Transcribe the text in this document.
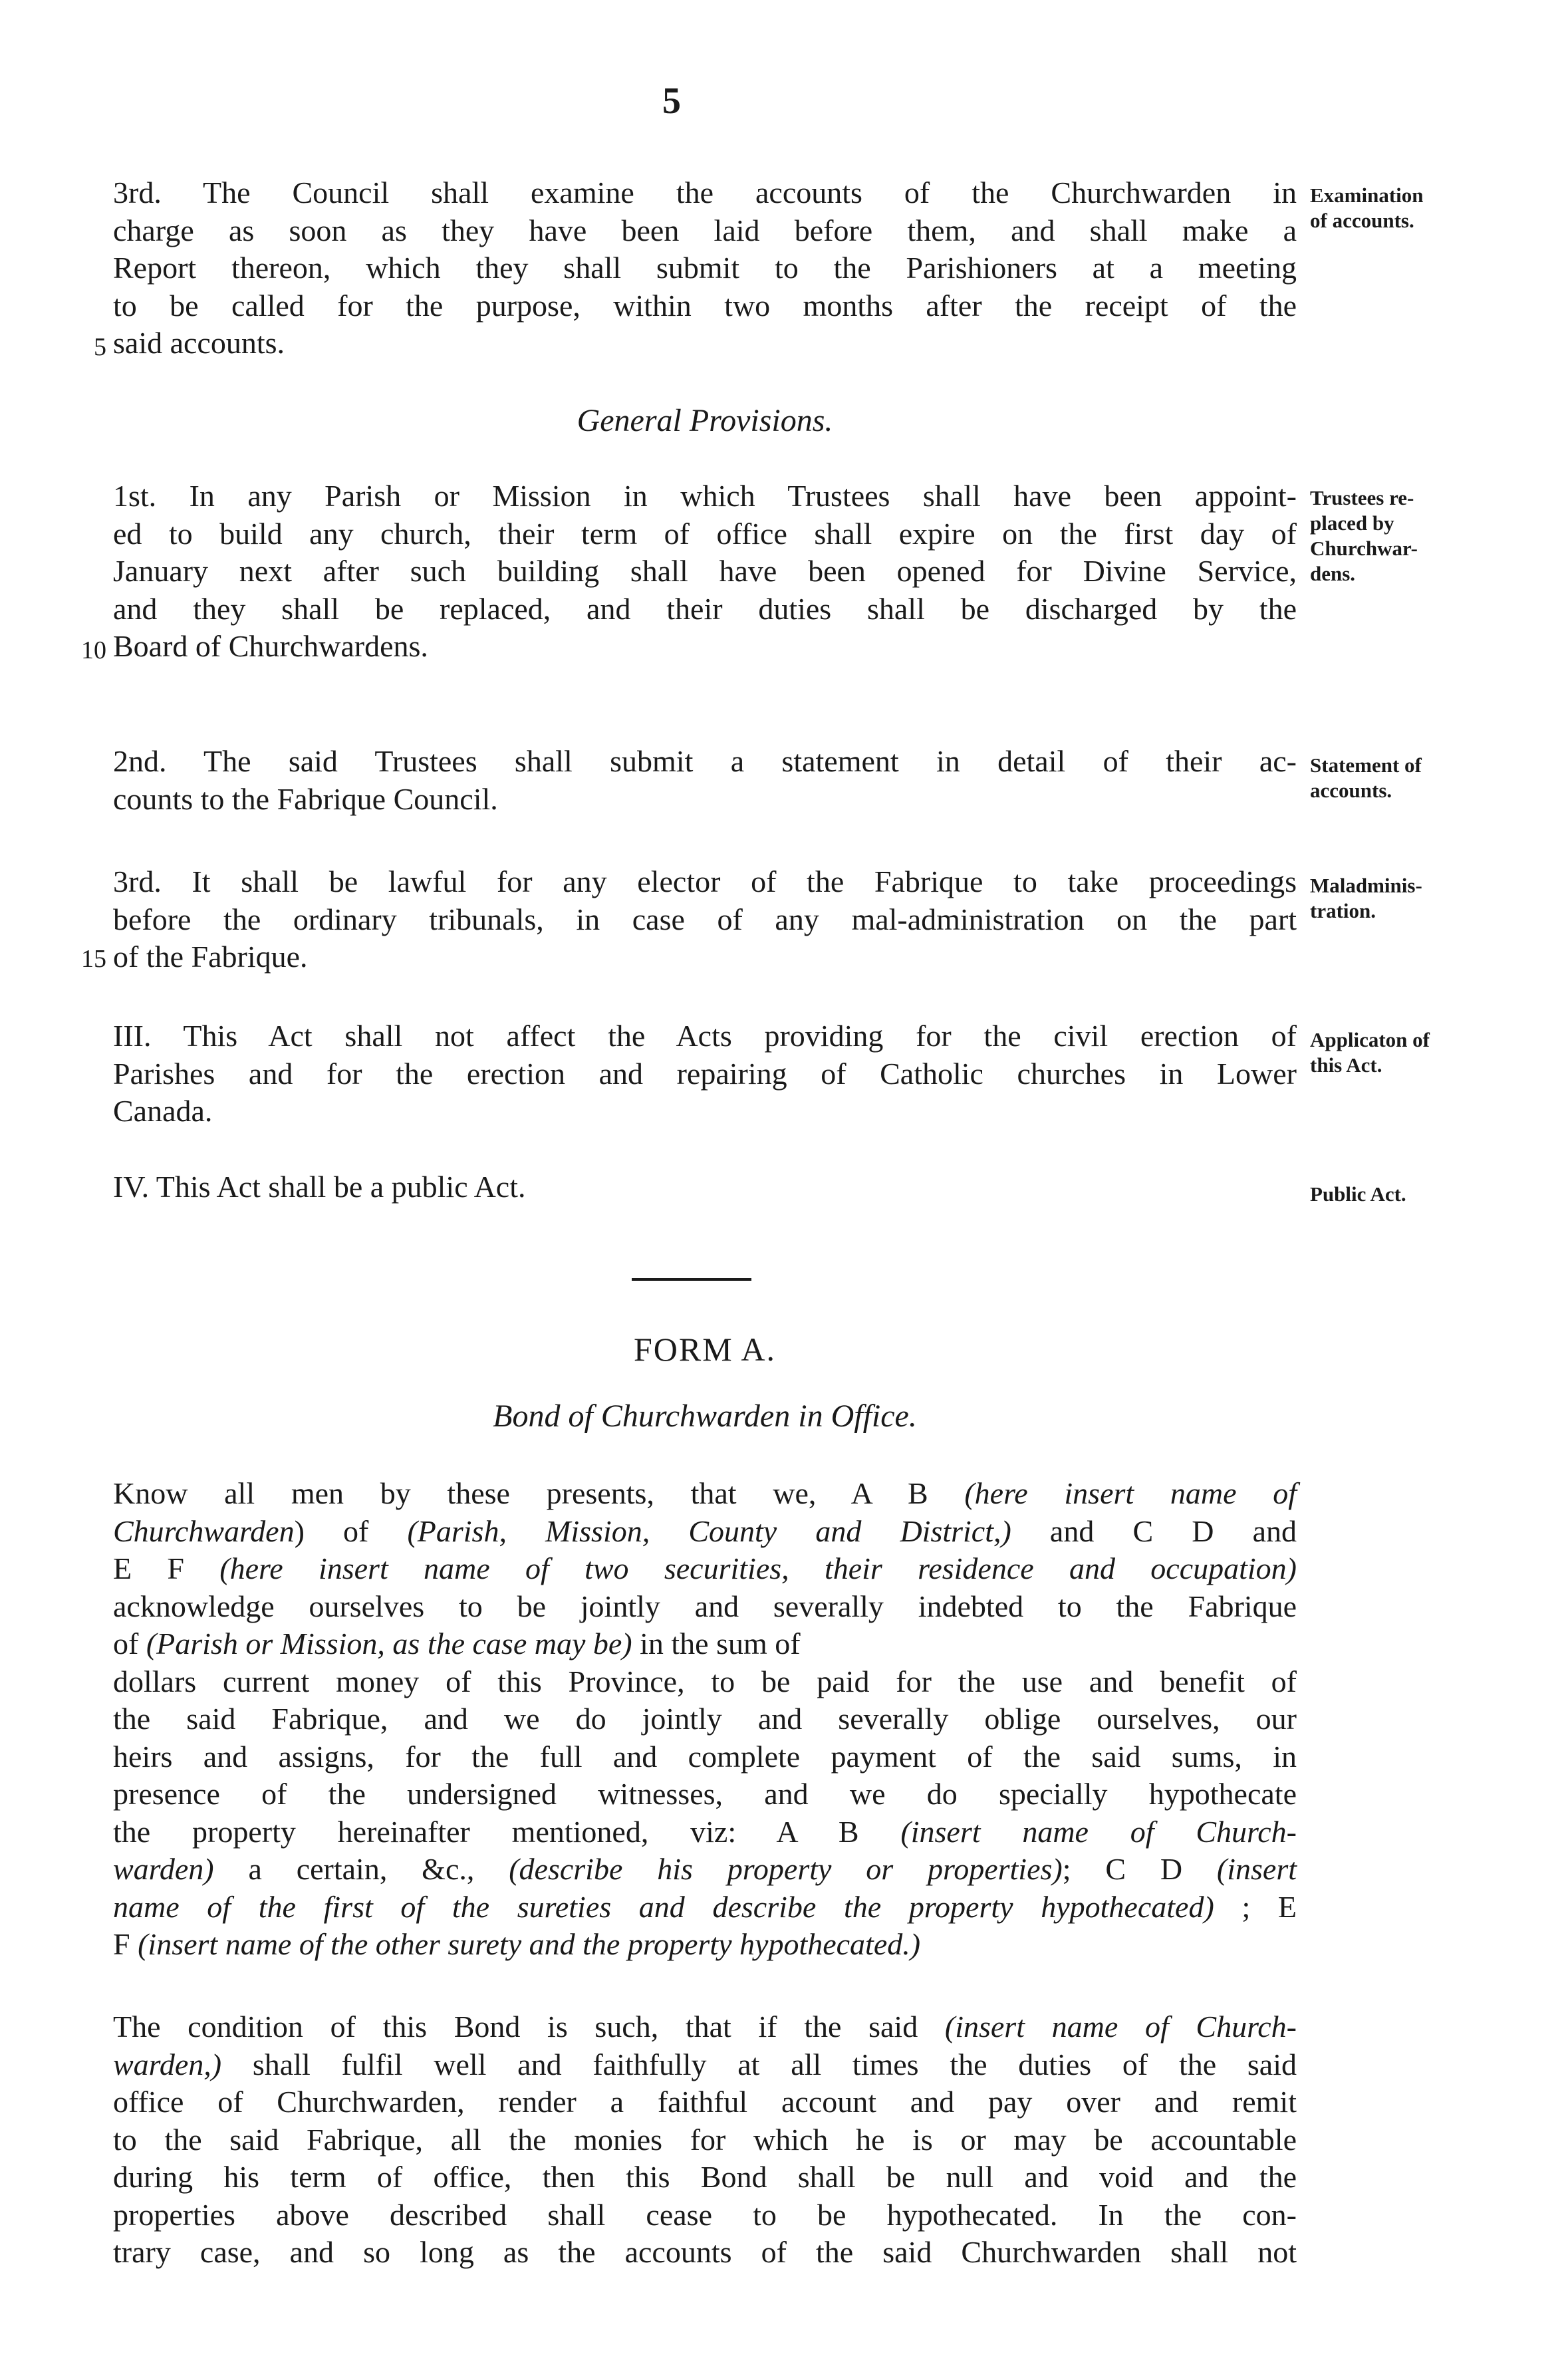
5
3rd. The Council shall examine the accounts of the Churchwarden in
charge as soon as they have been laid before them, and shall make a
Report thereon, which they shall submit to the Parishioners at a meeting
to be called for the purpose, within two months after the receipt of the
said accounts.
Examination
of accounts.
5
General Provisions.
1st. In any Parish or Mission in which Trustees shall have been appoint-
ed to build any church, their term of office shall expire on the first day of
January next after such building shall have been opened for Divine Service,
and they shall be replaced, and their duties shall be discharged by the
Board of Churchwardens.
Trustees re-
placed by
Churchwar-
dens.
10
2nd. The said Trustees shall submit a statement in detail of their ac-
counts to the Fabrique Council.
Statement of
accounts.
3rd. It shall be lawful for any elector of the Fabrique to take proceedings
before the ordinary tribunals, in case of any mal-administration on the part
of the Fabrique.
Maladminis-
tration.
15
III. This Act shall not affect the Acts providing for the civil erection of
Parishes and for the erection and repairing of Catholic churches in Lower
Canada.
Applicaton of
this Act.
IV. This Act shall be a public Act.	Public Act.
FORM A.
Bond of Churchwarden in Office.
Know all men by these presents, that we, A B (here insert name of
Churchwarden) of (Parish, Mission, County and District,) and C D and
E F (here insert name of two securities, their residence and occupation)
acknowledge ourselves to be jointly and severally indebted to the Fabrique
of (Parish or Mission, as the case may be) in the sum of
dollars current money of this Province, to be paid for the use and benefit of
the said Fabrique, and we do jointly and severally oblige ourselves, our
heirs and assigns, for the full and complete payment of the said sums, in
presence of the undersigned witnesses, and we do specially hypothecate
the property hereinafter mentioned, viz: A B (insert name of Church-
warden) a certain, &c., (describe his property or properties); C D (insert
name of the first of the sureties and describe the property hypothecated) ; E
F (insert name of the other surety and the property hypothecated.)
The condition of this Bond is such, that if the said (insert name of Church-
warden,) shall fulfil well and faithfully at all times the duties of the said
office of Churchwarden, render a faithful account and pay over and remit
to the said Fabrique, all the monies for which he is or may be accountable
during his term of office, then this Bond shall be null and void and the
properties above described shall cease to be hypothecated. In the con-
trary case, and so long as the accounts of the said Churchwarden shall not
